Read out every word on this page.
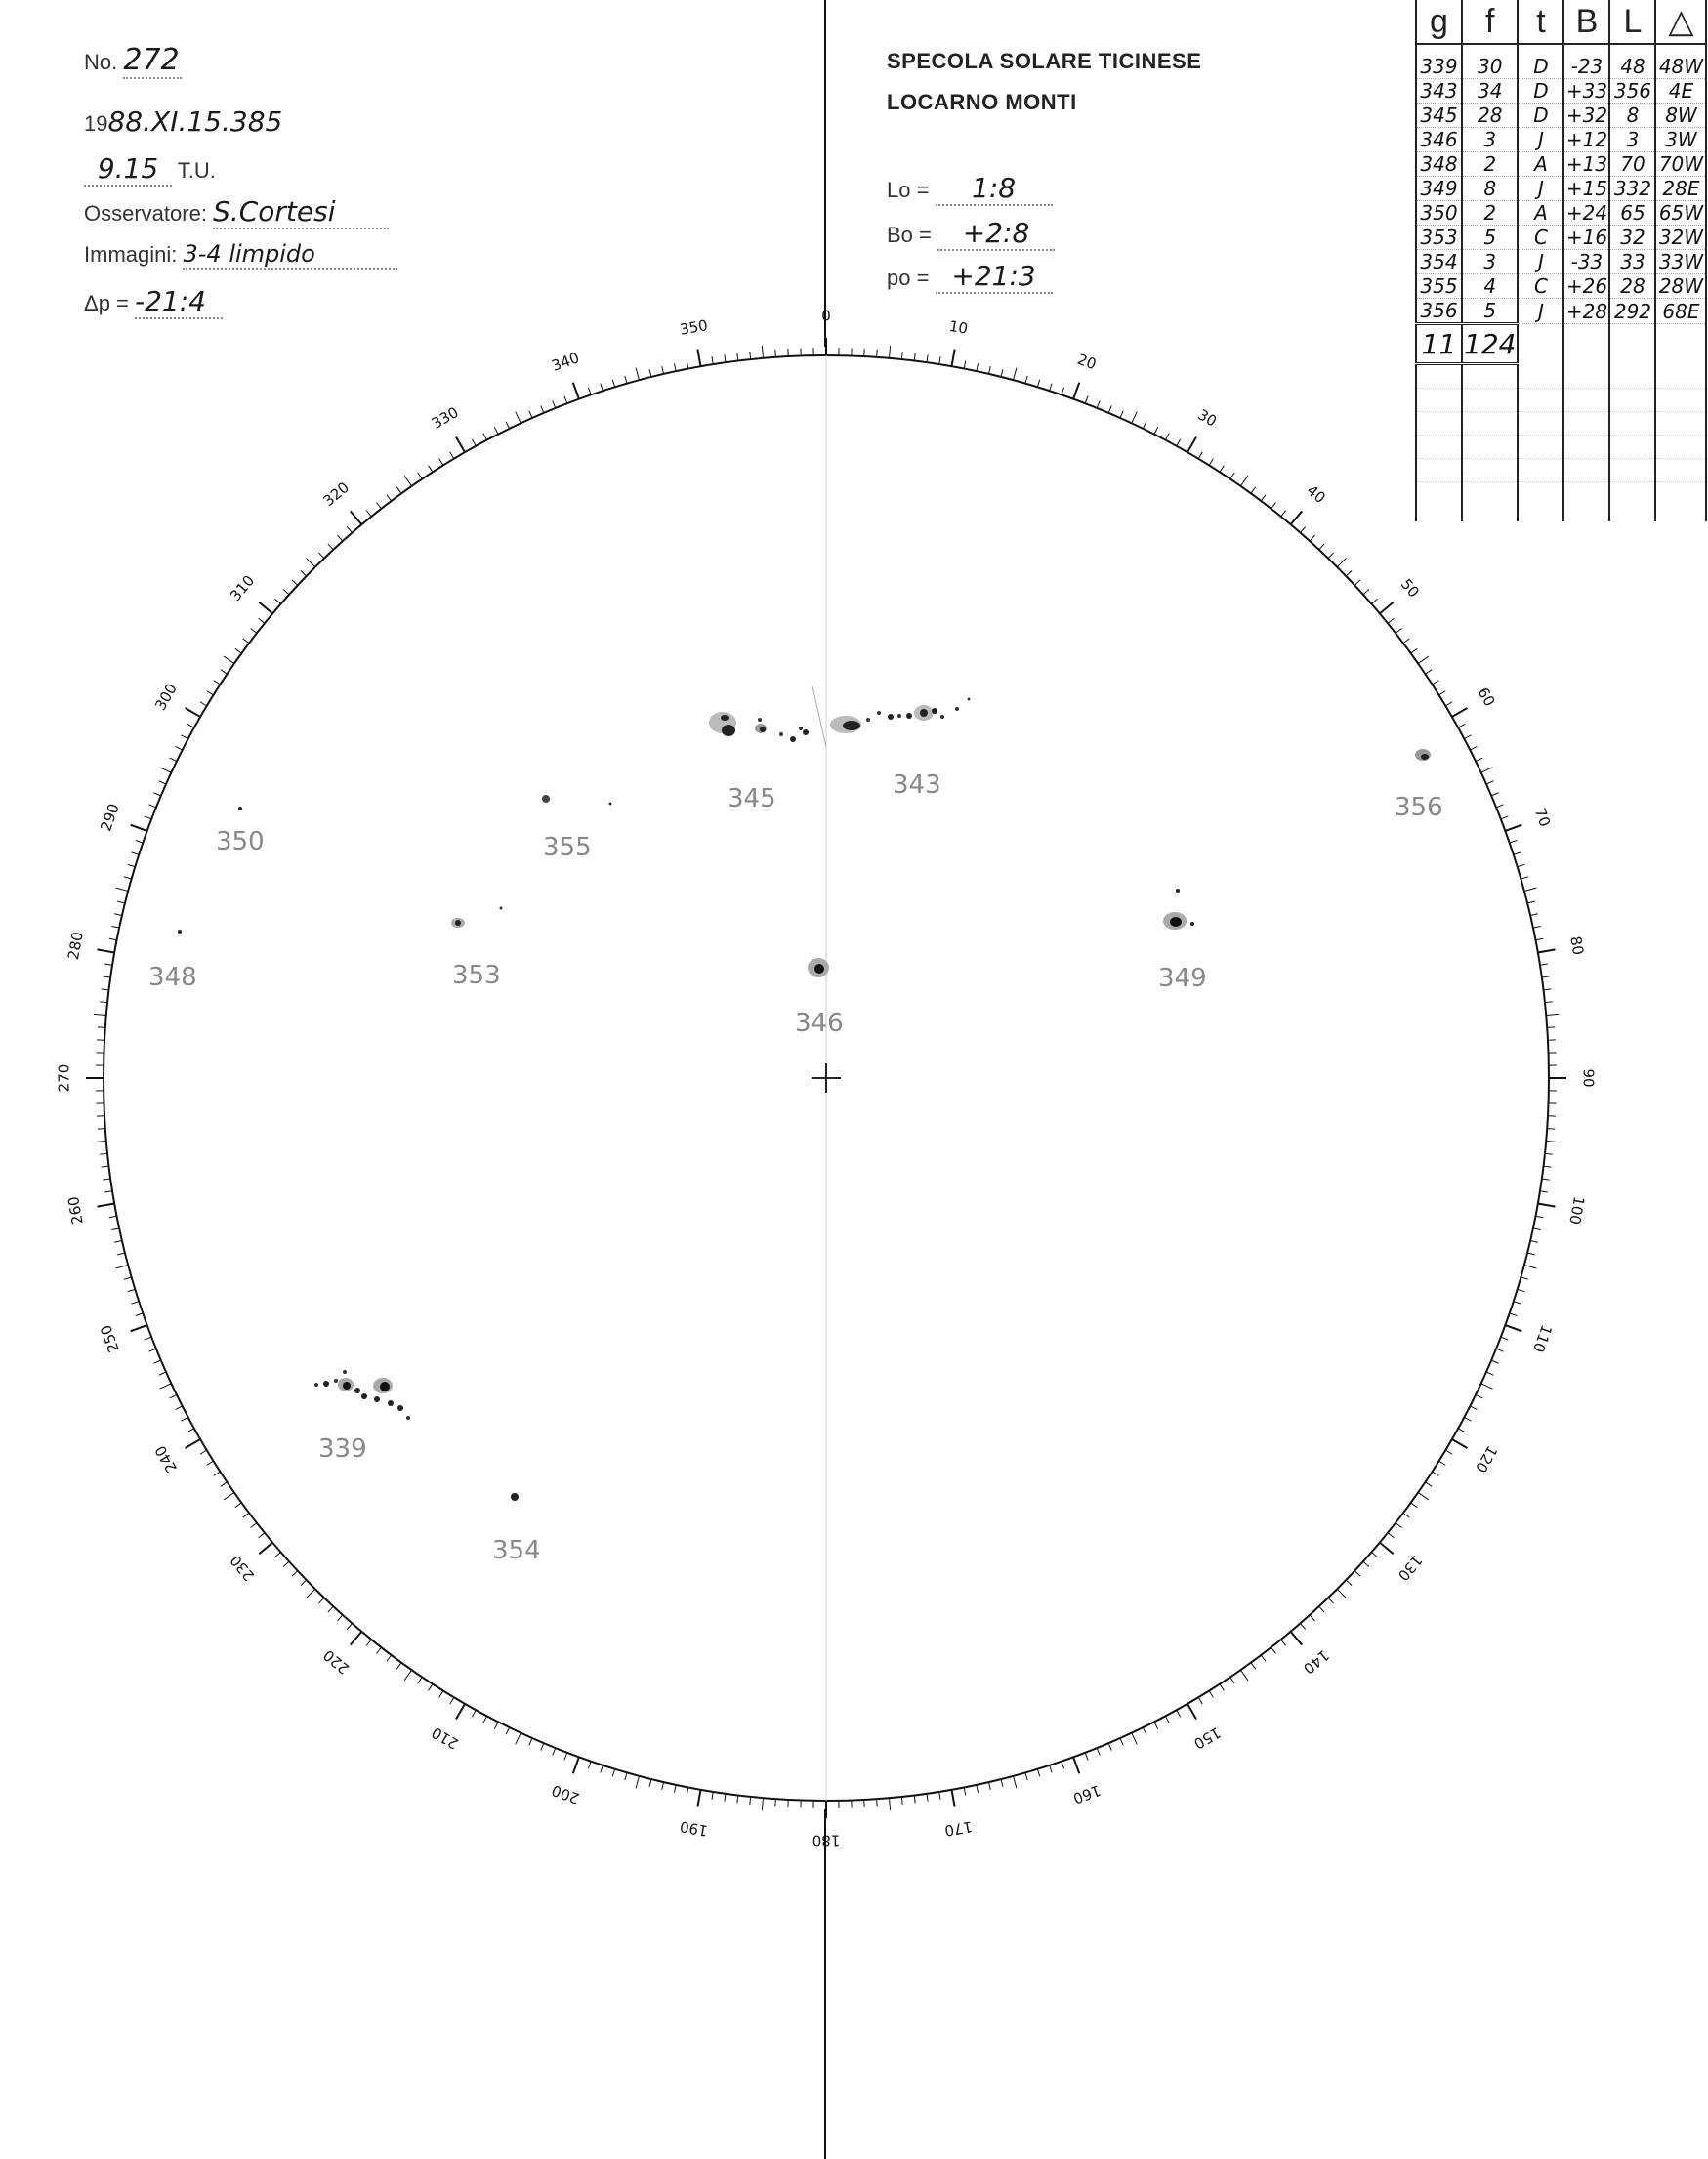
No. 272
1988.XI.15.385
9.15 T.U.
Osservatore: S.Cortesi
Immagini: 3-4 limpido
Δp = -21:4
SPECOLA SOLARE TICINESE
LOCARNO MONTI
Lo = 1:8
Bo = +2:8
po = +21:3
0
10
20
30
40
50
60
70
80
90
100
110
120
130
140
150
160
170
180
190
200
210
220
230
240
250
260
270
280
290
300
310
320
330
340
350
345	343
356
350	355
348	353
346
349
339
354
g	f	t	B	L	△

339	30	D	-23	48	48W
343	34	D	+33	356	4E
345	28	D	+32	8	8W
346	3	J	+12	3	3W
348	2	A	+13	70	70W
349	8	J	+15	332	28E
350	2	A	+24	65	65W
353	5	C	+16	32	32W
354	3	J	-33	33	33W
355	4	C	+26	28	28W
356	5	J	+28	292	68E
11	124				
